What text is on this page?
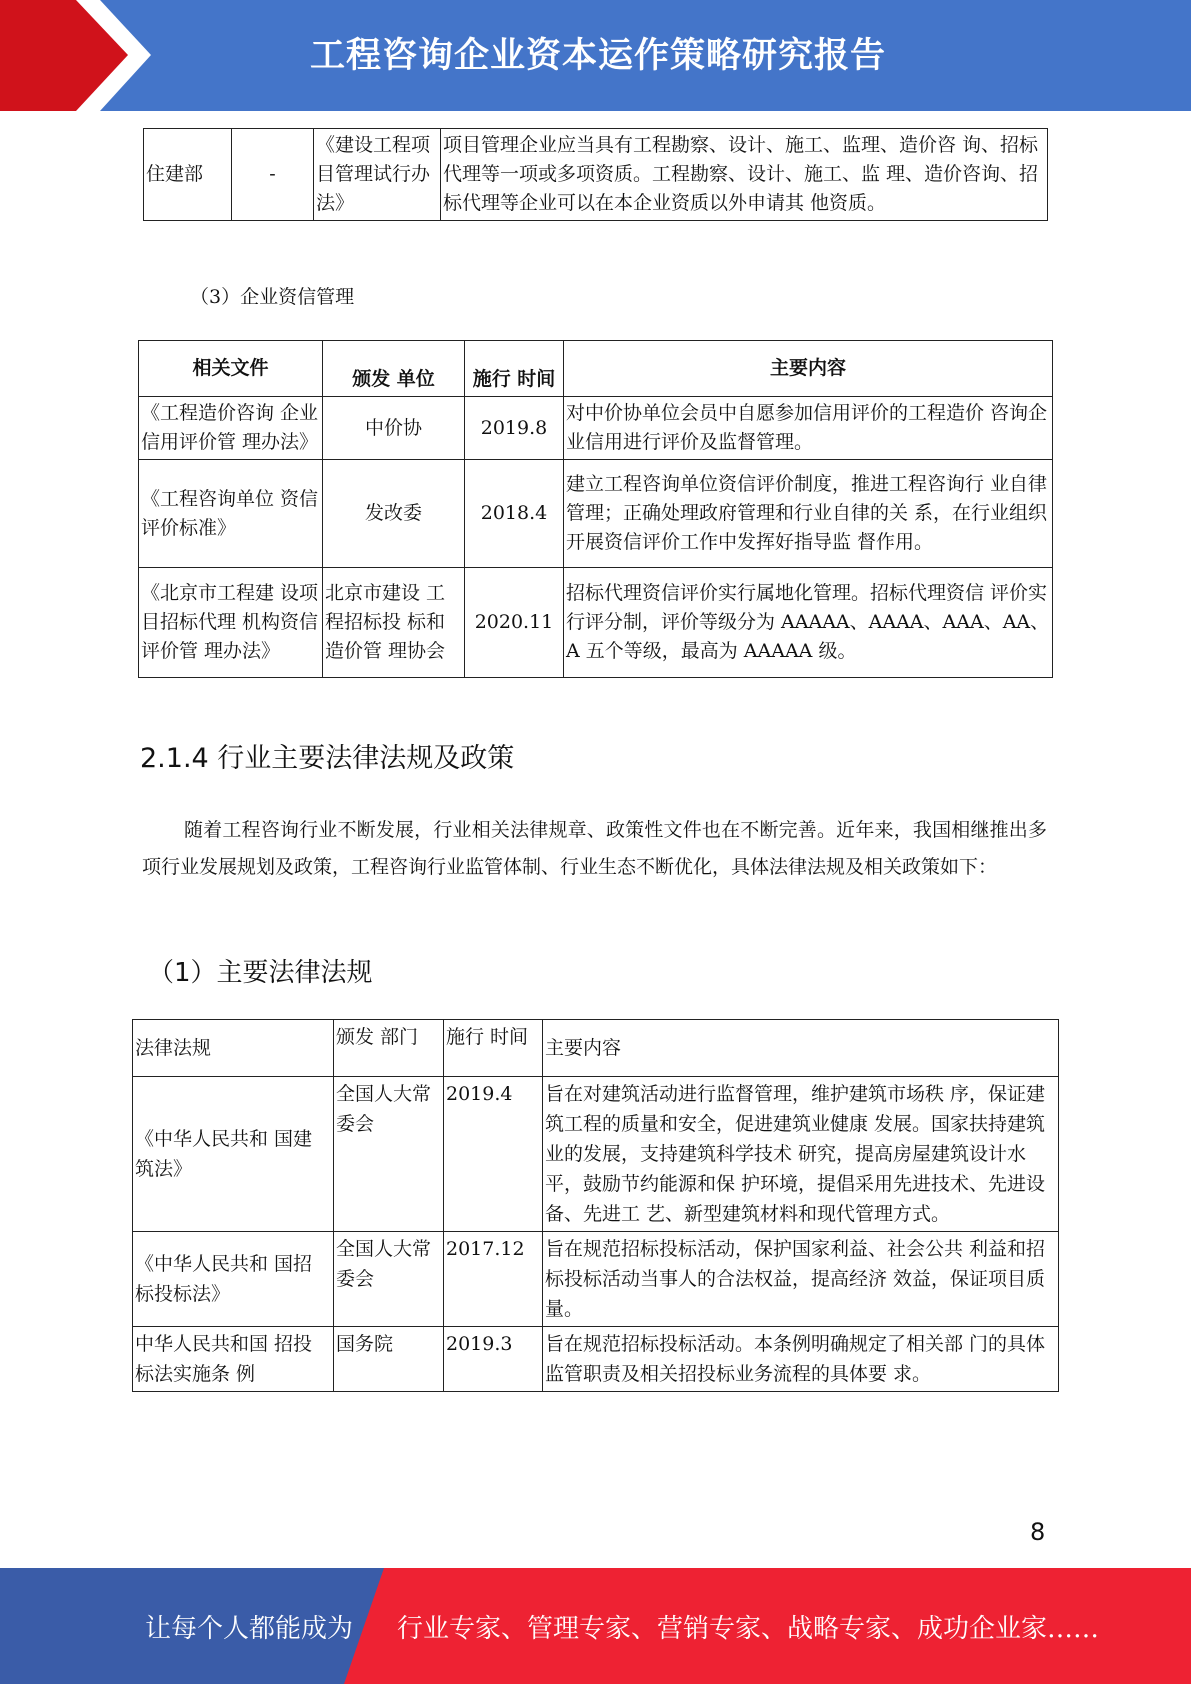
工程咨询企业资本运作策略研究报告
住建部	-	《建设工程项目管理试行办法》	项目管理企业应当具有工程勘察、设计、施工、监理、造价咨 询、招标代理等一项或多项资质。工程勘察、设计、施工、监 理、造价咨询、招标代理等企业可以在本企业资质以外申请其 他资质。
（3）企业资信管理
相关文件	颁发 单位	施行 时间	主要内容
《工程造价咨询 企业信用评价管 理办法》	中价协	2019.8	对中价协单位会员中自愿参加信用评价的工程造价 咨询企业信用进行评价及监督管理。
《工程咨询单位 资信评价标准》	发改委	2018.4	建立工程咨询单位资信评价制度，推进工程咨询行 业自律管理；正确处理政府管理和行业自律的关 系，在行业组织开展资信评价工作中发挥好指导监 督作用。
《北京市工程建 设项目招标代理 机构资信评价管 理办法》	北京市建设 工程招标投 标和造价管 理协会	2020.11	招标代理资信评价实行属地化管理。招标代理资信 评价实行评分制，评价等级分为 AAAAA、AAAA、AAA、AA、A 五个等级，最高为 AAAAA 级。
2.1.4 行业主要法律法规及政策
随着工程咨询行业不断发展，行业相关法律规章、政策性文件也在不断完善。近年来，我国相继推出多项行业发展规划及政策，工程咨询行业监管体制、行业生态不断优化，具体法律法规及相关政策如下：
（1）主要法律法规
法律法规	颁发 部门	施行 时间	主要内容
《中华人民共和 国建筑法》	全国人大常委会	2019.4	旨在对建筑活动进行监督管理，维护建筑市场秩 序，保证建筑工程的质量和安全，促进建筑业健康 发展。国家扶持建筑业的发展，支持建筑科学技术 研究，提高房屋建筑设计水平，鼓励节约能源和保 护环境，提倡采用先进技术、先进设备、先进工 艺、新型建筑材料和现代管理方式。
《中华人民共和 国招标投标法》	全国人大常委会	2017.12	旨在规范招标投标活动，保护国家利益、社会公共 利益和招标投标活动当事人的合法权益，提高经济 效益，保证项目质量。
中华人民共和国 招投标法实施条 例	国务院	2019.3	旨在规范招标投标活动。本条例明确规定了相关部 门的具体监管职责及相关招投标业务流程的具体要 求。
8
让每个人都能成为 行业专家、管理专家、营销专家、战略专家、成功企业家……
